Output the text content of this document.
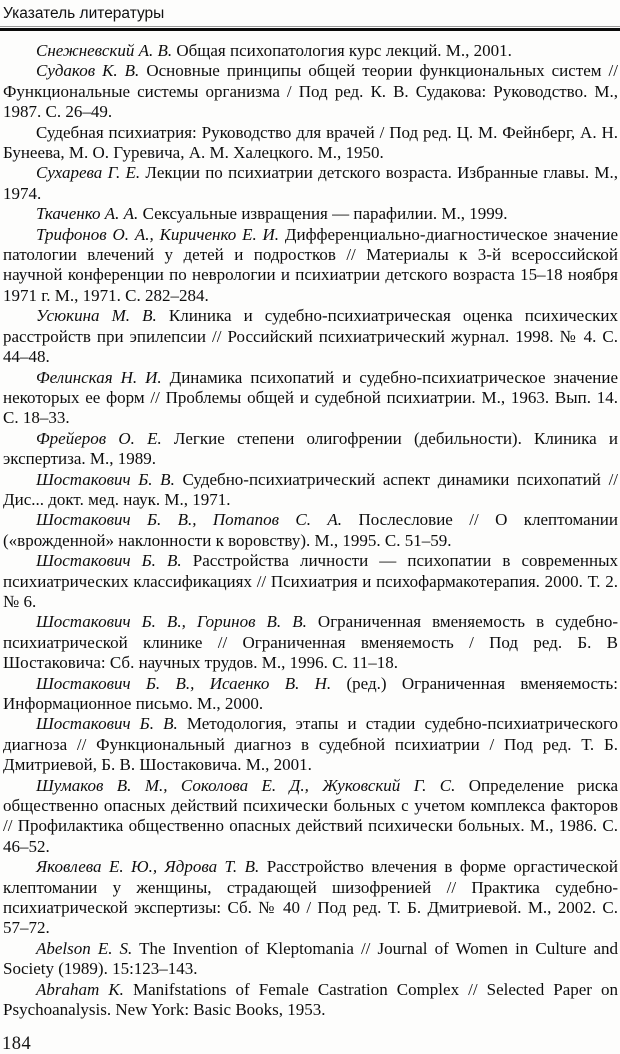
Указатель литературы

Снежневский А. В. Общая психопатология курс лекций. М., 2001.

Судаков К. В. Основные принципы общей теории функциональных систем // Функциональные системы организма / Под ред. К. В. Судакова: Руководство. М., 1987. С. 26–49.

Судебная психиатрия: Руководство для врачей / Под ред. Ц. М. Фейнберг, А. Н. Бунеева, М. О. Гуревича, А. М. Халецкого. М., 1950.

Сухарева Г. Е. Лекции по психиатрии детского возраста. Избранные главы. М., 1974.

Ткаченко А. А. Сексуальные извращения — парафилии. М., 1999.

Трифонов О. А., Кириченко Е. И. Дифференциально-диагностическое значение патологии влечений у детей и подростков // Материалы к 3-й всероссийской научной конференции по неврологии и психиатрии детского возраста 15–18 ноября 1971 г. М., 1971. С. 282–284.

Усюкина М. В. Клиника и судебно-психиатрическая оценка психических расстройств при эпилепсии // Российский психиатрический журнал. 1998. № 4. С. 44–48.

Фелинская Н. И. Динамика психопатий и судебно-психиатрическое значение некоторых ее форм // Проблемы общей и судебной психиатрии. М., 1963. Вып. 14. С. 18–33.

Фрейеров О. Е. Легкие степени олигофрении (дебильности). Клиника и экспертиза. М., 1989.

Шостакович Б. В. Судебно-психиатрический аспект динамики психопатий // Дис... докт. мед. наук. М., 1971.

Шостакович Б. В., Потапов С. А. Послесловие // О клептомании («врожденной» наклонности к воровству). М., 1995. С. 51–59.

Шостакович Б. В. Расстройства личности — психопатии в современных психиатрических классификациях // Психиатрия и психофармакотерапия. 2000. Т. 2. № 6.

Шостакович Б. В., Горинов В. В. Ограниченная вменяемость в судебно-психиатрической клинике // Ограниченная вменяемость / Под ред. Б. В Шостаковича: Сб. научных трудов. М., 1996. С. 11–18.

Шостакович Б. В., Исаенко В. Н. (ред.) Ограниченная вменяемость: Информационное письмо. М., 2000.

Шостакович Б. В. Методология, этапы и стадии судебно-психиатрического диагноза // Функциональный диагноз в судебной психиатрии / Под ред. Т. Б. Дмитриевой, Б. В. Шостаковича. М., 2001.

Шумаков В. М., Соколова Е. Д., Жуковский Г. С. Определение риска общественно опасных действий психически больных с учетом комплекса факторов // Профилактика общественно опасных действий психически больных. М., 1986. С. 46–52.

Яковлева Е. Ю., Ядрова Т. В. Расстройство влечения в форме оргастической клептомании у женщины, страдающей шизофренией // Практика судебно-психиатрической экспертизы: Сб. № 40 / Под ред. Т. Б. Дмитриевой. М., 2002. С. 57–72.

Abelson E. S. The Invention of Kleptomania // Journal of Women in Culture and Society (1989). 15:123–143.

Abraham K. Manifstations of Female Castration Complex // Selected Paper on Psychoanalysis. New York: Basic Books, 1953.

184
